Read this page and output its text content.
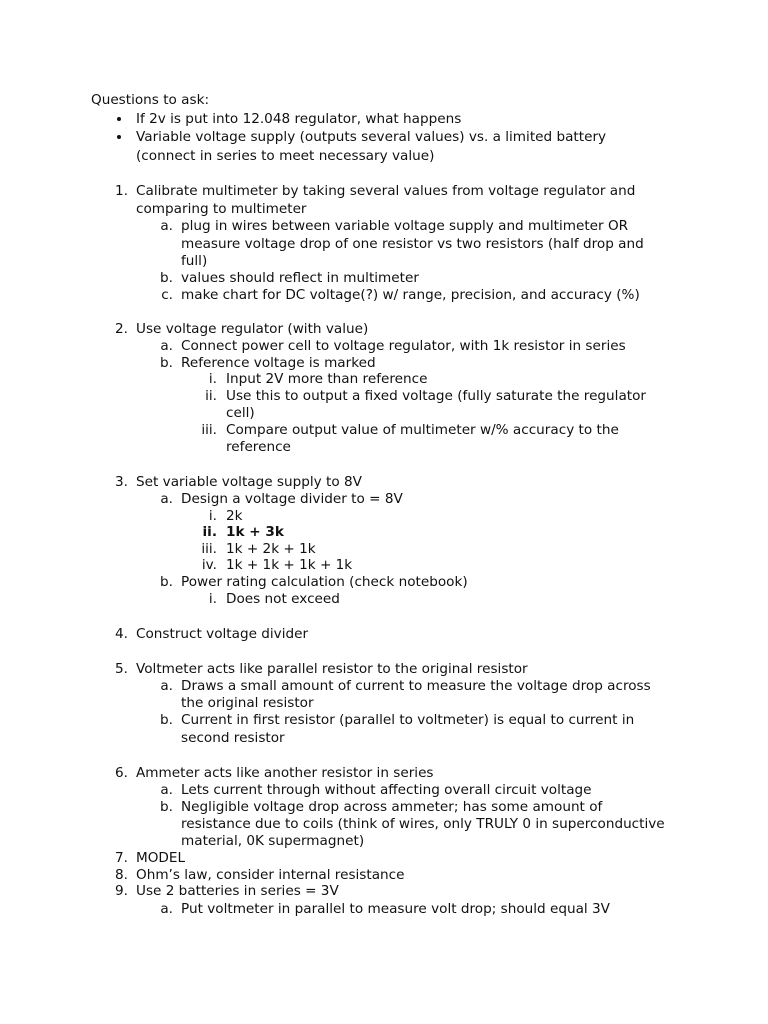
Questions to ask:
If 2v is put into 12.048 regulator, what happens
Variable voltage supply (outputs several values) vs. a limited battery
(connect in series to meet necessary value)
1. Calibrate multimeter by taking several values from voltage regulator and
comparing to multimeter
a. plug in wires between variable voltage supply and multimeter OR
measure voltage drop of one resistor vs two resistors (half drop and
full)
b. values should reflect in multimeter
c. make chart for DC voltage(?) w/ range, precision, and accuracy (%)
2. Use voltage regulator (with value)
a. Connect power cell to voltage regulator, with 1k resistor in series
b. Reference voltage is marked
i. Input 2V more than reference
ii. Use this to output a fixed voltage (fully saturate the regulator
cell)
iii. Compare output value of multimeter w/% accuracy to the
reference
3. Set variable voltage supply to 8V
a. Design a voltage divider to = 8V
i. 2k
ii. 1k + 3k
iii. 1k + 2k + 1k
iv. 1k + 1k + 1k + 1k
b. Power rating calculation (check notebook)
i. Does not exceed
4. Construct voltage divider
5. Voltmeter acts like parallel resistor to the original resistor
a. Draws a small amount of current to measure the voltage drop across
the original resistor
b. Current in first resistor (parallel to voltmeter) is equal to current in
second resistor
6. Ammeter acts like another resistor in series
a. Lets current through without affecting overall circuit voltage
b. Negligible voltage drop across ammeter; has some amount of
resistance due to coils (think of wires, only TRULY 0 in superconductive
material, 0K supermagnet)
7. MODEL
8. Ohm’s law, consider internal resistance
9. Use 2 batteries in series = 3V
a. Put voltmeter in parallel to measure volt drop; should equal 3V
